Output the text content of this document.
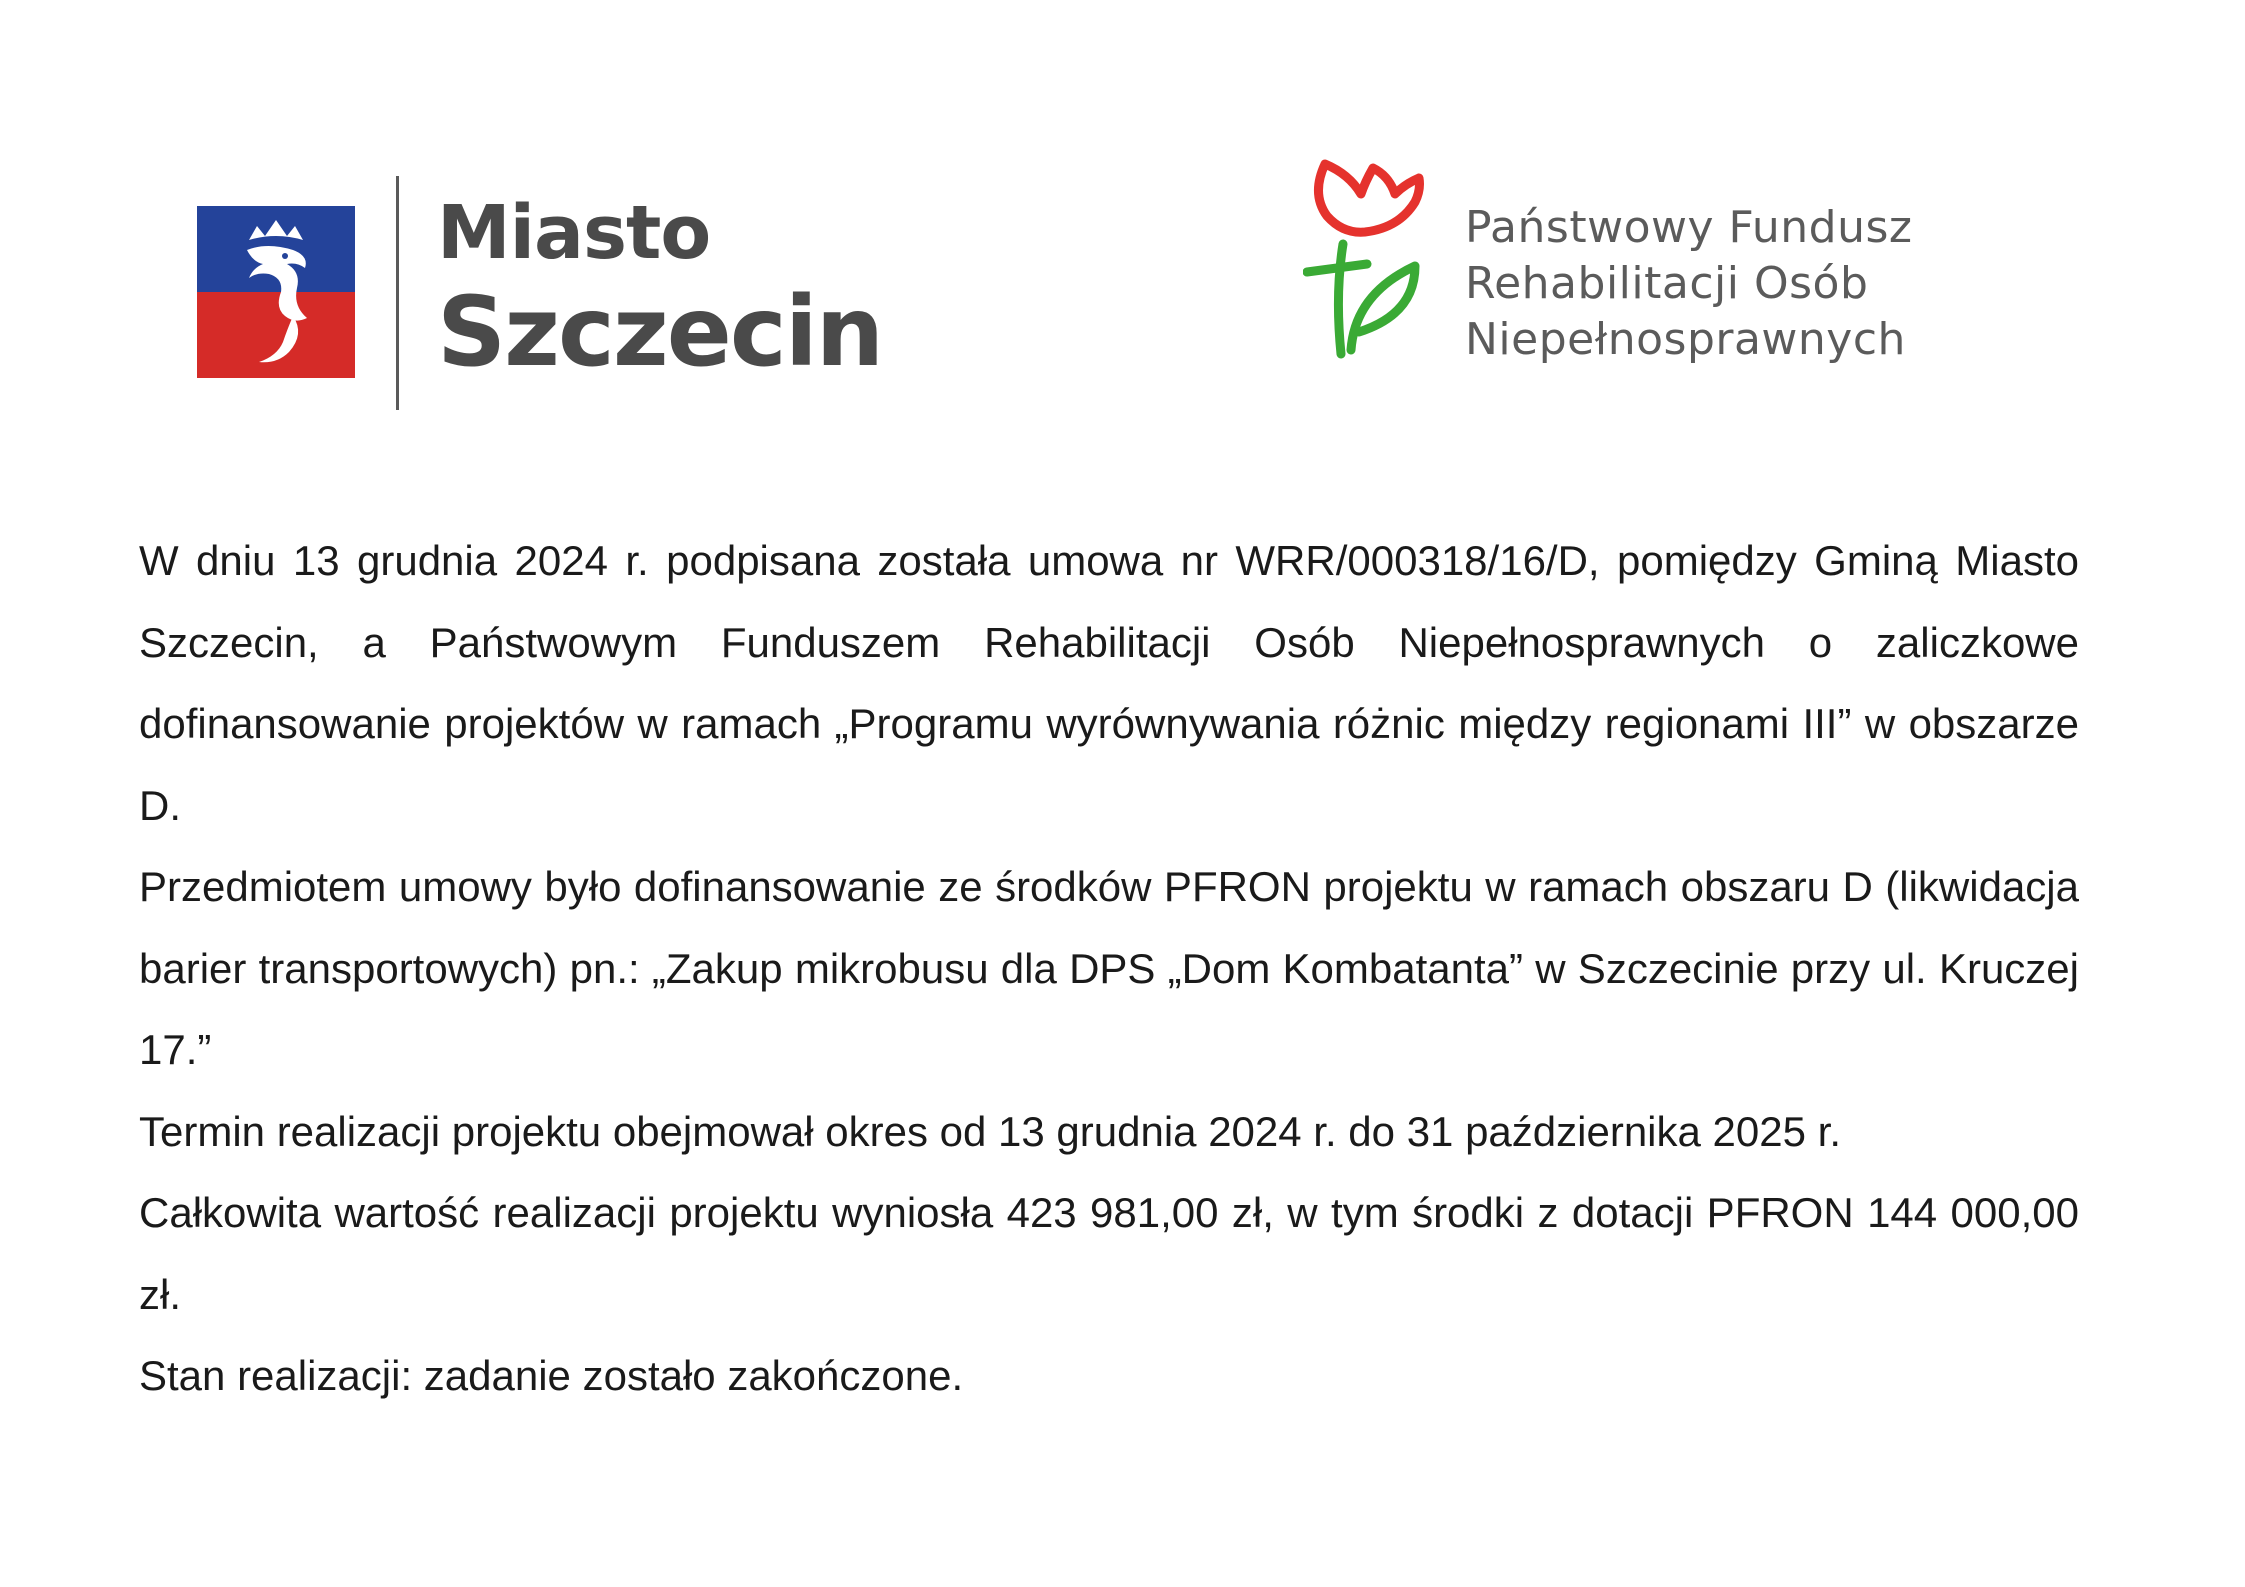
Miasto
Szczecin
Państwowy Fundusz
Rehabilitacji Osób
Niepełnosprawnych

W dniu 13 grudnia 2024 r. podpisana została umowa nr WRR/000318/16/D, pomiędzy Gminą Miasto Szczecin, a Państwowym Funduszem Rehabilitacji Osób Niepełnosprawnych o zaliczkowe dofinansowanie projektów w ramach „Programu wyrównywania różnic między regionami III” w obszarze D.

Przedmiotem umowy było dofinansowanie ze środków PFRON projektu w ramach obszaru D (likwidacja barier transportowych) pn.: „Zakup mikrobusu dla DPS „Dom Kombatanta” w Szczecinie przy ul. Kruczej 17.”

Termin realizacji projektu obejmował okres od 13 grudnia 2024 r. do 31 października 2025 r.

Całkowita wartość realizacji projektu wyniosła 423 981,00 zł, w tym środki z dotacji PFRON 144 000,00 zł.

Stan realizacji: zadanie zostało zakończone.
